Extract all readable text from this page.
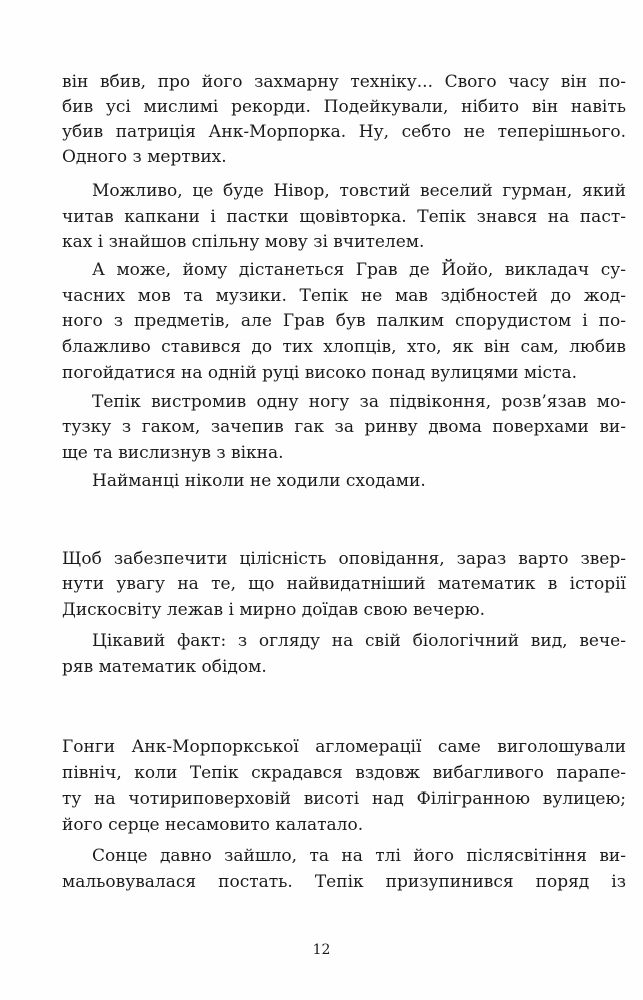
він вбив, про його захмарну техніку... Свого часу він по-
бив усі мислимі рекорди. Подейкували, нібито він навіть
убив патриція Анк-Морпорка. Ну, себто не теперішнього.
Одного з мертвих.
Можливо, це буде Нівор, товстий веселий гурман, який
читав капкани і пастки щовівторка. Тепік знався на паст-
ках і знайшов спільну мову зі вчителем.
А може, йому дістанеться Грав де Йойо, викладач су-
часних мов та музики. Тепік не мав здібностей до жод-
ного з предметів, але Грав був палким спорудистом і по-
блажливо ставився до тих хлопців, хто, як він сам, любив
погойдатися на одній руці високо понад вулицями міста.
Тепік вистромив одну ногу за підвіконня, розв’язав мо-
тузку з гаком, зачепив гак за ринву двома поверхами ви-
ще та вислизнув з вікна.
Найманці ніколи не ходили сходами.
Щоб забезпечити цілісність оповідання, зараз варто звер-
нути увагу на те, що найвидатніший математик в історії
Дискосвіту лежав і мирно доїдав свою вечерю.
Цікавий факт: з огляду на свій біологічний вид, вече-
ряв математик обідом.
Гонги Анк-Морпоркської агломерації саме виголошували
північ, коли Тепік скрадався вздовж вибагливого парапе-
ту на чотириповерховій висоті над Філігранною вулицею;
його серце несамовито калатало.
Сонце давно зайшло, та на тлі його післясвітіння ви-
мальовувалася постать. Тепік призупинився поряд із
12
